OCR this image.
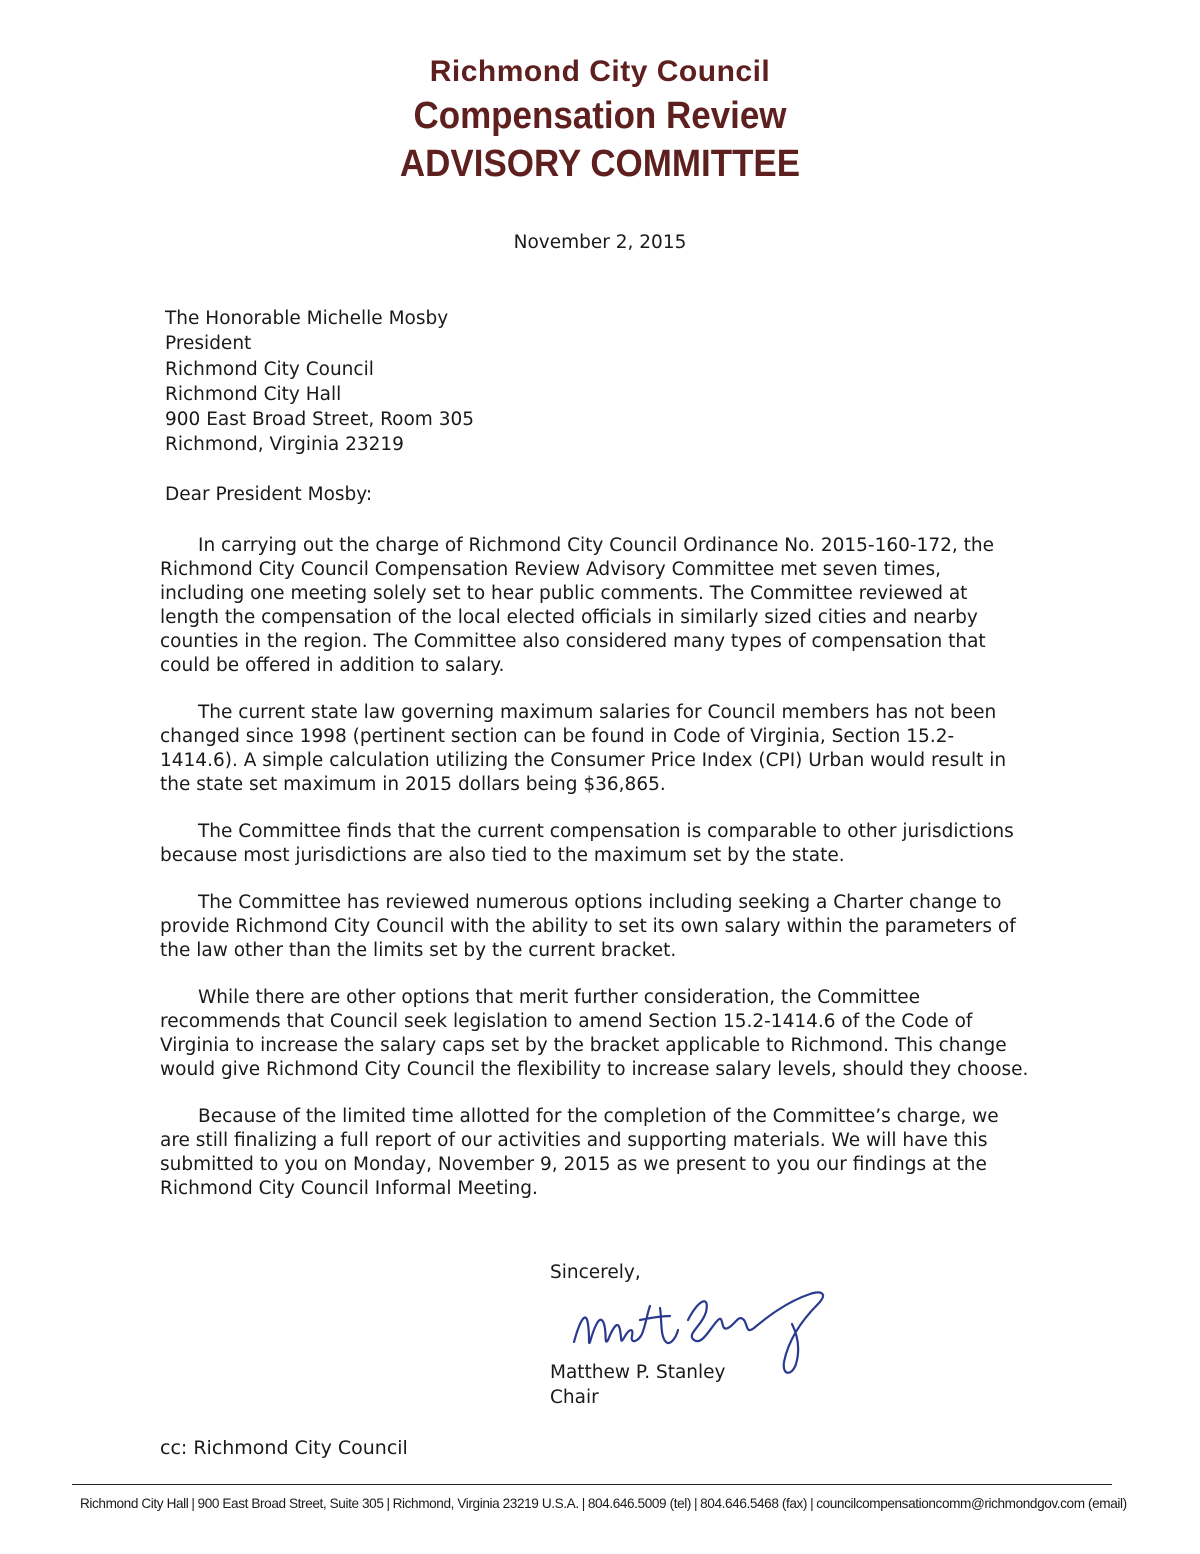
Richmond City Council
Compensation Review
ADVISORY COMMITTEE
November 2, 2015
The Honorable Michelle Mosby
President
Richmond City Council
Richmond City Hall
900 East Broad Street, Room 305
Richmond, Virginia 23219
Dear President Mosby:

In carrying out the charge of Richmond City Council Ordinance No. 2015-160-172, the Richmond City Council Compensation Review Advisory Committee met seven times, including one meeting solely set to hear public comments. The Committee reviewed at length the compensation of the local elected officials in similarly sized cities and nearby counties in the region. The Committee also considered many types of compensation that could be offered in addition to salary.

The current state law governing maximum salaries for Council members has not been changed since 1998 (pertinent section can be found in Code of Virginia, Section 15.2-1414.6). A simple calculation utilizing the Consumer Price Index (CPI) Urban would result in the state set maximum in 2015 dollars being $36,865.

The Committee finds that the current compensation is comparable to other jurisdictions because most jurisdictions are also tied to the maximum set by the state.

The Committee has reviewed numerous options including seeking a Charter change to provide Richmond City Council with the ability to set its own salary within the parameters of the law other than the limits set by the current bracket.

While there are other options that merit further consideration, the Committee recommends that Council seek legislation to amend Section 15.2-1414.6 of the Code of Virginia to increase the salary caps set by the bracket applicable to Richmond. This change would give Richmond City Council the flexibility to increase salary levels, should they choose.

Because of the limited time allotted for the completion of the Committee’s charge, we are still finalizing a full report of our activities and supporting materials. We will have this submitted to you on Monday, November 9, 2015 as we present to you our findings at the Richmond City Council Informal Meeting.

Sincerely,
Matthew P. Stanley
Chair
cc: Richmond City Council
Richmond City Hall | 900 East Broad Street, Suite 305 | Richmond, Virginia 23219 U.S.A. | 804.646.5009 (tel) | 804.646.5468 (fax) | councilcompensationcomm@richmondgov.com (email)
